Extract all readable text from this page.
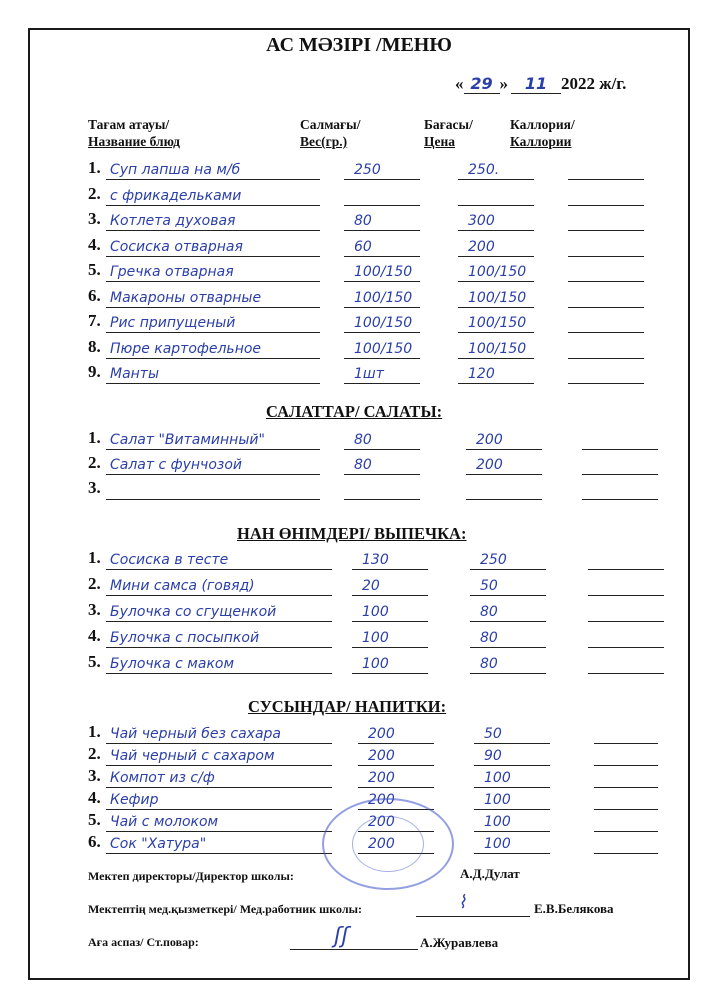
АС МӘЗІРІ /МЕНЮ
« 29 » 11 2022 ж/г.
Тағам атауы/
Название блюд
Салмағы/
Вес(гр.)
Бағасы/
Цена
Каллория/
Каллории
1. Суп лапша на м/б	250	250.
2. с фрикадельками
3. Котлета духовая	80	300
4. Сосиска отварная	60	200
5. Гречка отварная	100/150	100/150
6. Макароны отварные	100/150	100/150
7. Рис припущеный	100/150	100/150
8. Пюре картофельное	100/150	100/150
9. Манты	1шт	120
САЛАТТАР/ САЛАТЫ:
1. Салат "Витаминный"	80	200
2. Салат с фунчозой	80	200
3.
НАН ӨНІМДЕРІ/ ВЫПЕЧКА:
1. Сосиска в тесте	130	250
2. Мини самса (говяд)	20	50
3. Булочка со сгущенкой	100	80
4. Булочка с посыпкой	100	80
5. Булочка с маком	100	80
СУСЫНДАР/ НАПИТКИ:
1. Чай черный без сахара	200	50
2. Чай черный с сахаром	200	90
3. Компот из с/ф	200	100
4. Кефир	200	100
5. Чай с молоком	200	100
6. Сок "Хатура"	200	100
Мектеп директоры/Директор школы:	А.Д.Дулат
Мектептің мед.қызметкері/ Мед.работник школы:	⌇	Е.В.Белякова
Аға аспаз/ Ст.повар:	ʃʃ	А.Журавлева
